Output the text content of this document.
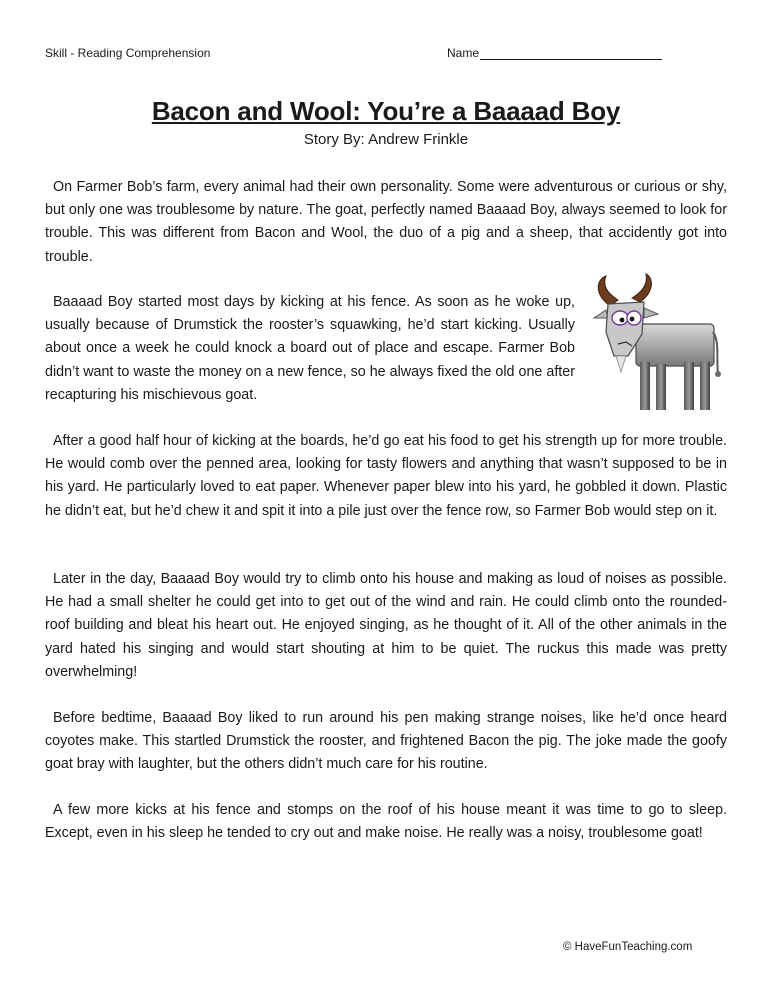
Skill - Reading Comprehension	Name
Bacon and Wool: You’re a Baaaad Boy
Story By: Andrew Frinkle

On Farmer Bob’s farm, every animal had their own personality. Some were adventurous or curious or shy, but only one was troublesome by nature. The goat, perfectly named Baaaad Boy, always seemed to look for trouble. This was different from Bacon and Wool, the duo of a pig and a sheep, that accidently got into trouble.

Baaaad Boy started most days by kicking at his fence. As soon as he woke up, usually because of Drumstick the rooster’s squawking, he’d start kicking. Usually about once a week he could knock a board out of place and escape. Farmer Bob didn’t want to waste the money on a new fence, so he always fixed the old one after recapturing his mischievous goat.

After a good half hour of kicking at the boards, he’d go eat his food to get his strength up for more trouble. He would comb over the penned area, looking for tasty flowers and anything that wasn’t supposed to be in his yard. He particularly loved to eat paper. Whenever paper blew into his yard, he gobbled it down. Plastic he didn’t eat, but he’d chew it and spit it into a pile just over the fence row, so Farmer Bob would step on it.

Later in the day, Baaaad Boy would try to climb onto his house and making as loud of noises as possible. He had a small shelter he could get into to get out of the wind and rain. He could climb onto the rounded-roof building and bleat his heart out. He enjoyed singing, as he thought of it. All of the other animals in the yard hated his singing and would start shouting at him to be quiet. The ruckus this made was pretty overwhelming!

Before bedtime, Baaaad Boy liked to run around his pen making strange noises, like he’d once heard coyotes make. This startled Drumstick the rooster, and frightened Bacon the pig. The joke made the goofy goat bray with laughter, but the others didn’t much care for his routine.

A few more kicks at his fence and stomps on the roof of his house meant it was time to go to sleep. Except, even in his sleep he tended to cry out and make noise. He really was a noisy, troublesome goat!

© HaveFunTeaching.com
